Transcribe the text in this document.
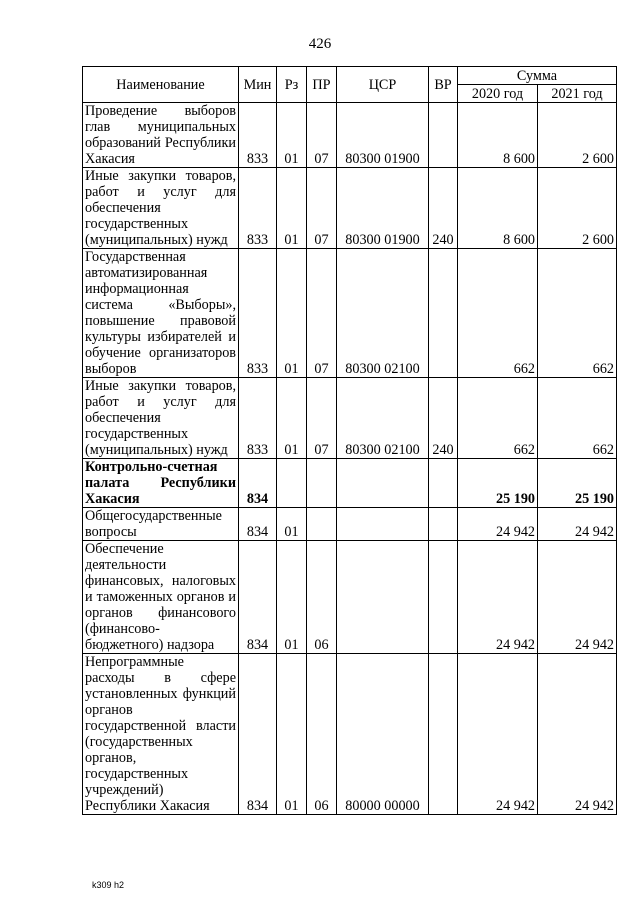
426
Наименование	Мин	Рз	ПР	ЦСР	ВР	Сумма	
						2020 год	2021 год
Проведение выборов глав муниципальных образований Республики Хакасия	833	01	07	80300 01900		8 600	2 600
Иные закупки товаров, работ и услуг для обеспечения государственных (муниципальных) нужд	833	01	07	80300 01900	240	8 600	2 600
Государственная автоматизированная информационная система «Выборы», повышение правовой культуры избирателей и обучение организаторов выборов	833	01	07	80300 02100		662	662
Иные закупки товаров, работ и услуг для обеспечения государственных (муниципальных) нужд	833	01	07	80300 02100	240	662	662
Контрольно-счетная палата Республики Хакасия	834					25 190	25 190
Общегосударственные вопросы	834	01				24 942	24 942
Обеспечение деятельности финансовых, налоговых и таможенных органов и органов финансового (финансово-бюджетного) надзора	834	01	06			24 942	24 942
Непрограммные расходы в сфере установленных функций органов государственной власти (государственных органов, государственных учреждений) Республики Хакасия	834	01	06	80000 00000		24 942	24 942
k309 h2
